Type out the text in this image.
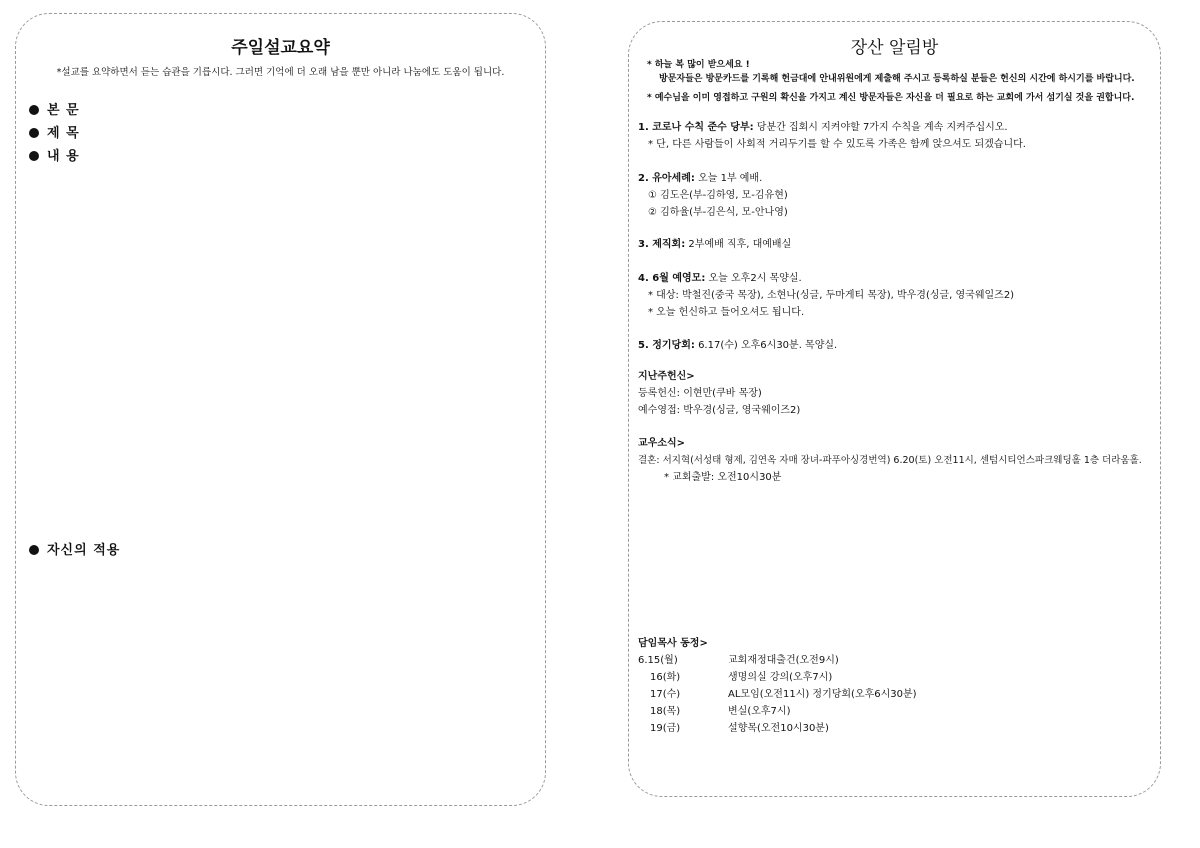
주일설교요약
*설교를 요약하면서 듣는 습관을 기릅시다. 그러면 기억에 더 오래 남을 뿐만 아니라 나눔에도 도움이 됩니다.
본 문
제 목
내 용
자신의 적용
장산 알림방
* 하늘 복 많이 받으세요 !
방문자들은 방문카드를 기록해 헌금대에 안내위원에게 제출해 주시고 등록하실 분들은 헌신의 시간에 하시기를 바랍니다.
* 예수님을 이미 영접하고 구원의 확신을 가지고 계신 방문자들은 자신을 더 필요로 하는 교회에 가서 섬기실 것을 권합니다.
1. 코로나 수칙 준수 당부: 당분간 집회시 지켜야할 7가지 수칙을 계속 지켜주십시오.
* 단, 다른 사람들이 사회적 거리두기를 할 수 있도록 가족은 함께 앉으셔도 되겠습니다.
2. 유아세례: 오늘 1부 예배.
① 김도은(부-김하영, 모-김유현)
② 김하율(부-김은식, 모-안나영)
3. 제직회: 2부예배 직후, 대예배실
4. 6월 예영모: 오늘 오후2시 목양실.
* 대상: 박철진(중국 목장), 소현나(싱글, 두마게티 목장), 박우경(싱글, 영국웨일즈2)
* 오늘 헌신하고 들어오셔도 됩니다.
5. 정기당회: 6.17(수) 오후6시30분. 목양실.
지난주헌신>
등록헌신: 이현만(쿠바 목장)
예수영접: 박우경(싱글, 영국웨이즈2)
교우소식>
결혼: 서지혁(서성태 형제, 김연옥 자매 장녀-파푸아싱경번역) 6.20(토) 오전11시, 센텀시티언스파크웨딩홀 1층 더라움홀.
* 교회출발: 오전10시30분
담임목사 동정>
6.15(월)	교회재정대출건(오전9시)
16(화)	생명의실 강의(오후7시)
17(수)	AL모임(오전11시) 정기당회(오후6시30분)
18(목)	변실(오후7시)
19(금)	설향목(오전10시30분)
